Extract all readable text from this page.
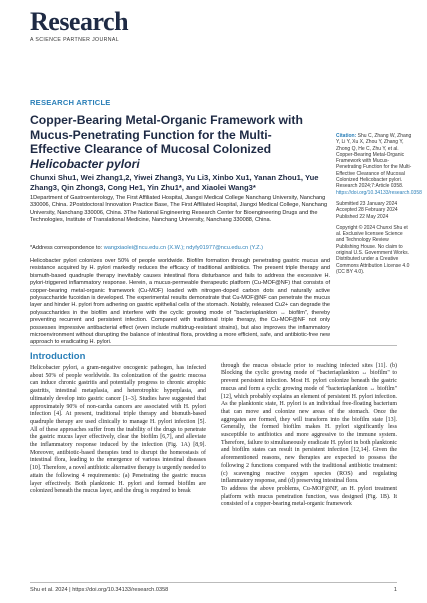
Research
A SCIENCE PARTNER JOURNAL
RESEARCH ARTICLE
Copper-Bearing Metal-Organic Framework with Mucus-Penetrating Function for the Multi-Effective Clearance of Mucosal Colonized Helicobacter pylori
Chunxi Shu1, Wei Zhang1,2, Yiwei Zhang3, Yu Li3, Xinbo Xu1, Yanan Zhou1, Yue Zhang3, Qin Zhong3, Cong He1, Yin Zhu1*, and Xiaolei Wang3*
1Department of Gastroenterology, The First Affiliated Hospital, Jiangxi Medical College Nanchang University, Nanchang 330006, China. 2Postdoctoral Innovation Practice Base, The First Affiliated Hospital, Jiangxi Medical College, Nanchang University, Nanchang 330006, China. 3The National Engineering Research Center for Bioengineering Drugs and the Technologies, Institute of Translational Medicine, Nanchang University, Nanchang 330088, China.
*Address correspondence to: wangxiaolei@ncu.edu.cn (X.W.); ndyfy01977@ncu.edu.cn (Y.Z.)
Helicobacter pylori colonizes over 50% of people worldwide. Biofilm formation through penetrating gastric mucus and resistance acquired by H. pylori markedly reduces the efficacy of traditional antibiotics. The present triple therapy and bismuth-based quadruple therapy inevitably causes intestinal flora disturbance and fails to address the excessive H. pylori-triggered inflammatory response. Herein, a mucus-permeable therapeutic platform (Cu-MOF@NF) that consists of copper-bearing metal-organic framework (Cu-MOF) loaded with nitrogen-doped carbon dots and naturally active polysaccharide fucoidan is developed. The experimental results demonstrate that Cu-MOF@NF can penetrate the mucus layer and hinder H. pylori from adhering on gastric epithelial cells of the stomach. Notably, released Cu2+ can degrade the polysaccharides in the biofilm and interfere with the cyclic growing mode of "bacteriaplankton ↔ biofilm", thereby preventing recurrent and persistent infection. Compared with traditional triple therapy, the Cu-MOF@NF not only possesses impressive antibacterial effect (even include multidrug-resistant strains), but also improves the inflammatory microenvironment without disrupting the balance of intestinal flora, providing a more efficient, safe, and antibiotic-free new approach to eradicating H. pylori.
Citation: Shu C, Zhang W, Zhang Y, Li Y, Xu X, Zhou Y, Zhang Y, Zhong Q, He C, Zhu Y, et al. Copper-Bearing Metal-Organic Framework with Mucus-Penetrating Function for the Multi-Effective Clearance of Mucosal Colonized Helicobacter pylori. Research 2024;7:Article 0358. https://doi.org/10.34133/research.0358
Submitted 23 January 2024
Accepted 28 February 2024
Published 22 May 2024
Copyright © 2024 Chunxi Shu et al. Exclusive licensee Science and Technology Review Publishing House. No claim to original U.S. Government Works. Distributed under a Creative Commons Attribution License 4.0 (CC BY 4.0).
Introduction

Helicobacter pylori, a gram-negative oncogenic pathogen, has infected about 50% of people worldwide. Its colonization of the gastric mucosa can induce chronic gastritis and potentially progress to chronic atrophic gastritis, intestinal metaplasia, and heterotrophic hyperplasia, and ultimately develop into gastric cancer [1–3]. Studies have suggested that approximately 90% of non-cardia cancers are associated with H. pylori infection [4]. At present, traditional triple therapy and bismuth-based quadruple therapy are used clinically to manage H. pylori infection [5]. All of these approaches suffer from the inability of the drugs to penetrate the gastric mucus layer effectively, clear the biofilm [6,7], and alleviate the inflammatory response induced by the infection (Fig. 1A) [8,9]. Moreover, antibiotic-based therapies tend to disrupt the homeostasis of intestinal flora, leading to the emergence of various intestinal diseases [10]. Therefore, a novel antibiotic alternative therapy is urgently needed to attain the following 4 requirements: (a) Penetrating the gastric mucus layer effectively. Both planktonic H. pylori and formed biofilm are colonized beneath the mucus layer, and the drug is required to break

through the mucus obstacle prior to reaching infected sites [11]. (b) Blocking the cyclic growing mode of "bacteriaplankton ↔ biofilm" to prevent persistent infection. Most H. pylori colonize beneath the gastric mucus and form a cyclic growing mode of "bacteriaplankton ↔ biofilm" [12], which probably explains an element of persistent H. pylori infection. As the planktonic state, H. pylori is an individual free-floating bacterium that can move and colonize new areas of the stomach. Once the aggregates are formed, they will transform into the biofilm state [13]. Generally, the formed biofilm makes H. pylori significantly less susceptible to antibiotics and more aggressive to the immune system. Therefore, failure to simultaneously eradicate H. pylori in both planktonic and biofilm states can result in persistent infection [12,14]. Given the aforementioned reasons, new therapies are expected to possess the following 2 functions compared with the traditional antibiotic treatment: (c) scavenging reactive oxygen species (ROS) and regulating inflammatory response, and (d) preserving intestinal flora.
To address the above problems, Cu-MOF@NF, an H. pylori treatment platform with mucus penetration function, was designed (Fig. 1B). It consisted of a copper-bearing metal-organic framework

Shu et al. 2024 | https://doi.org/10.34133/research.0358	1
